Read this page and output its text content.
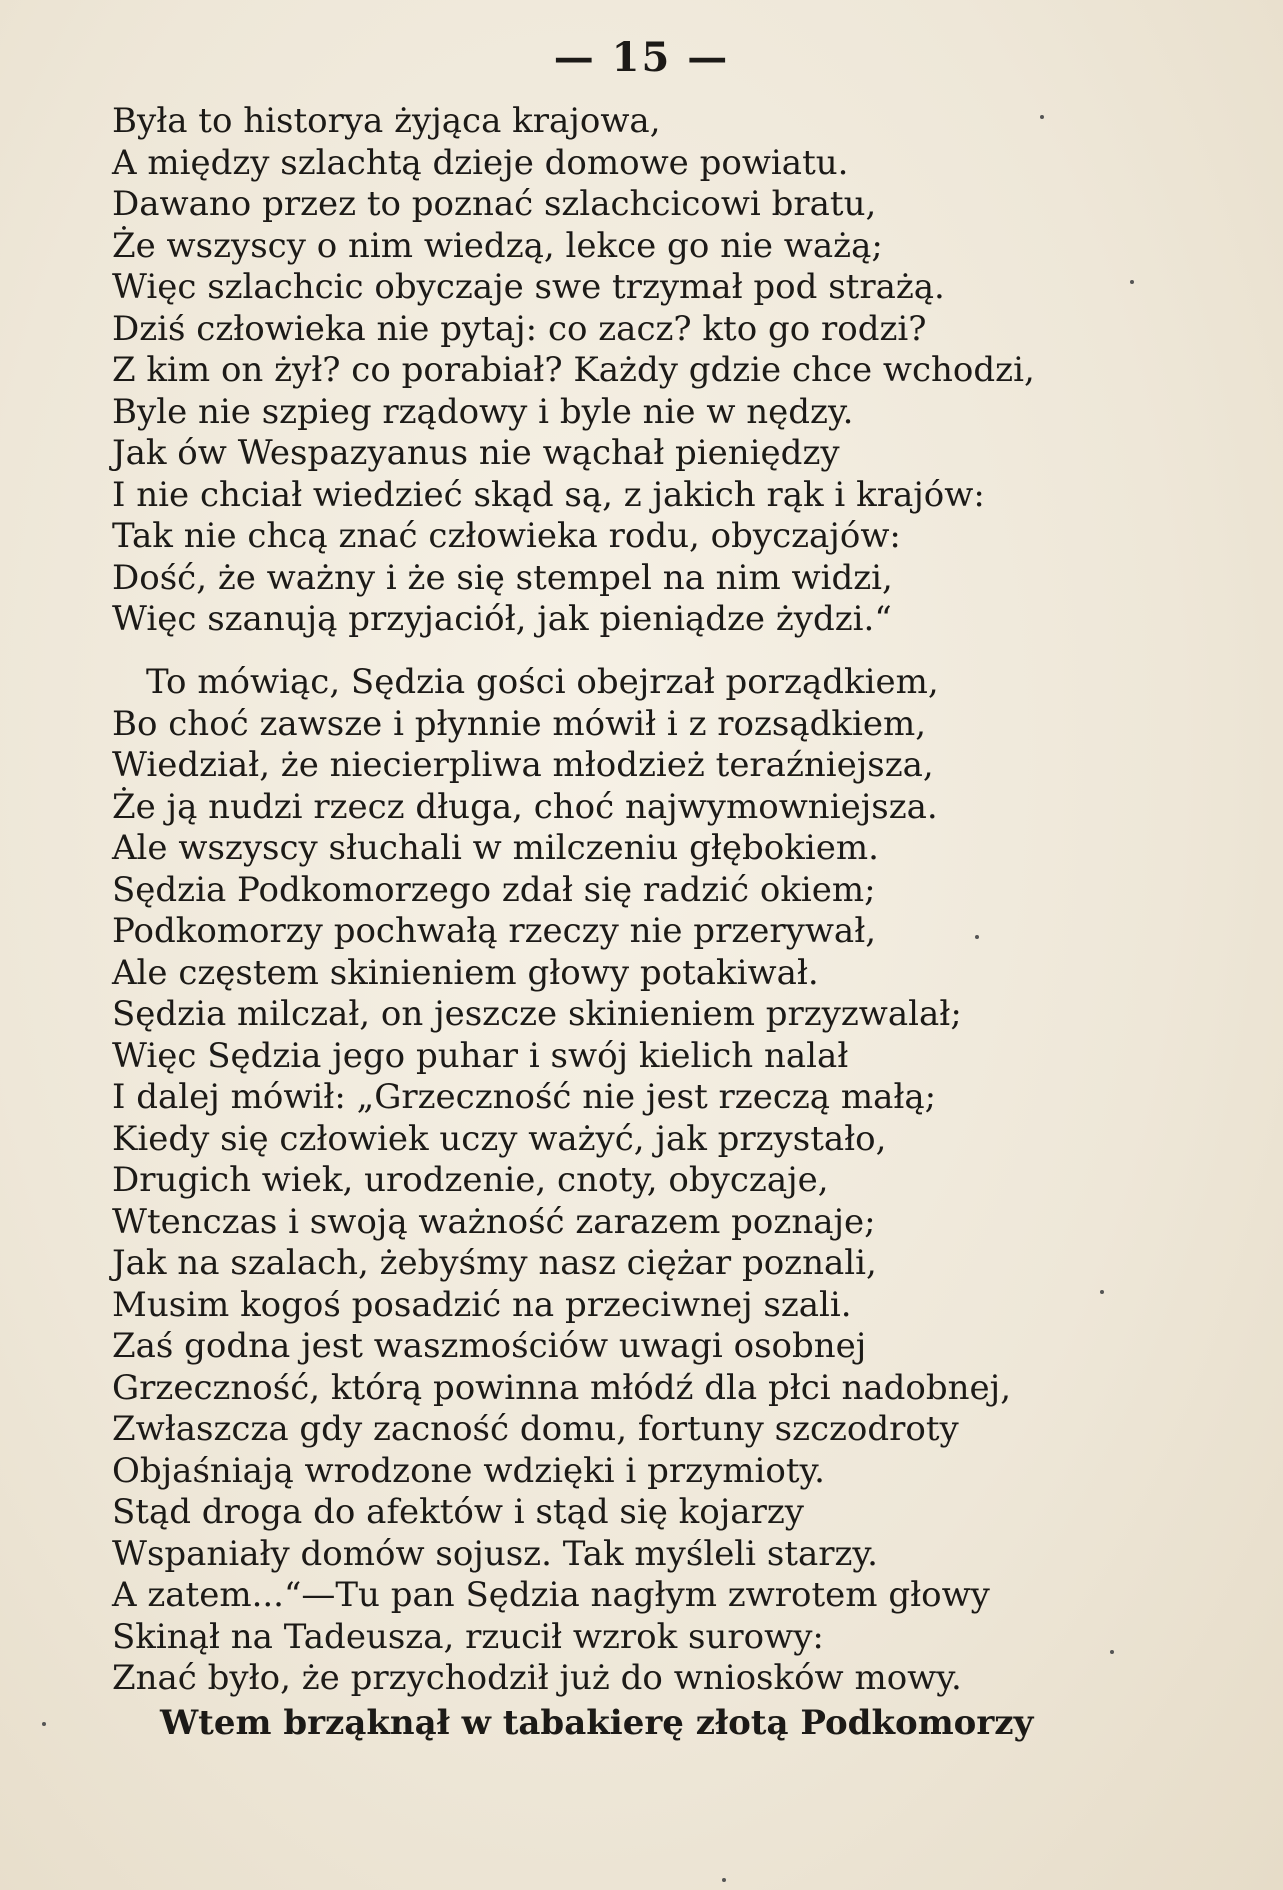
— 15 —
Była to historya żyjąca krajowa,
A między szlachtą dzieje domowe powiatu.
Dawano przez to poznać szlachcicowi bratu,
Że wszyscy o nim wiedzą, lekce go nie ważą;
Więc szlachcic obyczaje swe trzymał pod strażą.
Dziś człowieka nie pytaj: co zacz? kto go rodzi?
Z kim on żył? co porabiał? Każdy gdzie chce wchodzi,
Byle nie szpieg rządowy i byle nie w nędzy.
Jak ów Wespazyanus nie wąchał pieniędzy
I nie chciał wiedzieć skąd są, z jakich rąk i krajów:
Tak nie chcą znać człowieka rodu, obyczajów:
Dość, że ważny i że się stempel na nim widzi,
Więc szanują przyjaciół, jak pieniądze żydzi.“
To mówiąc, Sędzia gości obejrzał porządkiem,
Bo choć zawsze i płynnie mówił i z rozsądkiem,
Wiedział, że niecierpliwa młodzież teraźniejsza,
Że ją nudzi rzecz długa, choć najwymowniejsza.
Ale wszyscy słuchali w milczeniu głębokiem.
Sędzia Podkomorzego zdał się radzić okiem;
Podkomorzy pochwałą rzeczy nie przerywał,
Ale częstem skinieniem głowy potakiwał.
Sędzia milczał, on jeszcze skinieniem przyzwalał;
Więc Sędzia jego puhar i swój kielich nalał
I dalej mówił: „Grzeczność nie jest rzeczą małą;
Kiedy się człowiek uczy ważyć, jak przystało,
Drugich wiek, urodzenie, cnoty, obyczaje,
Wtenczas i swoją ważność zarazem poznaje;
Jak na szalach, żebyśmy nasz ciężar poznali,
Musim kogoś posadzić na przeciwnej szali.
Zaś godna jest waszmościów uwagi osobnej
Grzeczność, którą powinna młódź dla płci nadobnej,
Zwłaszcza gdy zacność domu, fortuny szczodroty
Objaśniają wrodzone wdzięki i przymioty.
Stąd droga do afektów i stąd się kojarzy
Wspaniały domów sojusz. Tak myśleli starzy.
A zatem...“—Tu pan Sędzia nagłym zwrotem głowy
Skinął na Tadeusza, rzucił wzrok surowy:
Znać było, że przychodził już do wniosków mowy.
Wtem brząknął w tabakierę złotą Podkomorzy
